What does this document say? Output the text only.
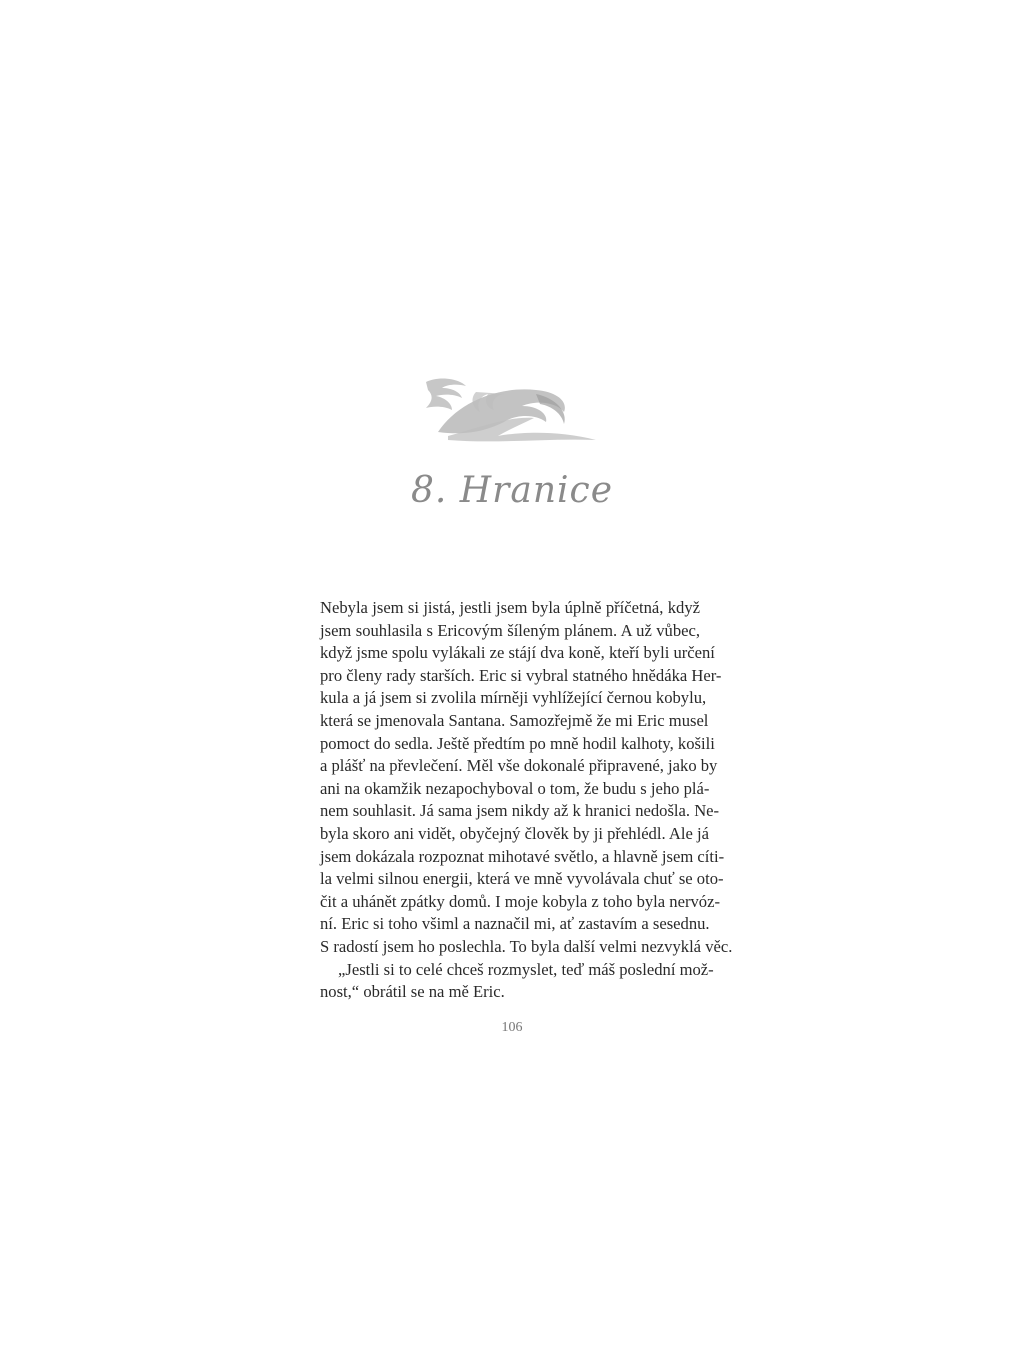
8. Hranice
Nebyla jsem si jistá, jestli jsem byla úplně příčetná, když
jsem souhlasila s Ericovým šíleným plánem. A už vůbec,
když jsme spolu vylákali ze stájí dva koně, kteří byli určení
pro členy rady starších. Eric si vybral statného hnědáka Her-
kula a já jsem si zvolila mírněji vyhlížející černou kobylu,
která se jmenovala Santana. Samozřejmě že mi Eric musel
pomoct do sedla. Ještě předtím po mně hodil kalhoty, košili
a plášť na převlečení. Měl vše dokonalé připravené, jako by
ani na okamžik nezapochyboval o tom, že budu s jeho plá-
nem souhlasit. Já sama jsem nikdy až k hranici nedošla. Ne-
byla skoro ani vidět, obyčejný člověk by ji přehlédl. Ale já
jsem dokázala rozpoznat mihotavé světlo, a hlavně jsem cíti-
la velmi silnou energii, která ve mně vyvolávala chuť se oto-
čit a uhánět zpátky domů. I moje kobyla z toho byla nervóz-
ní. Eric si toho všiml a naznačil mi, ať zastavím a sesednu.
S radostí jsem ho poslechla. To byla další velmi nezvyklá věc.
„Jestli si to celé chceš rozmyslet, teď máš poslední mož-
nost,“ obrátil se na mě Eric.
106
